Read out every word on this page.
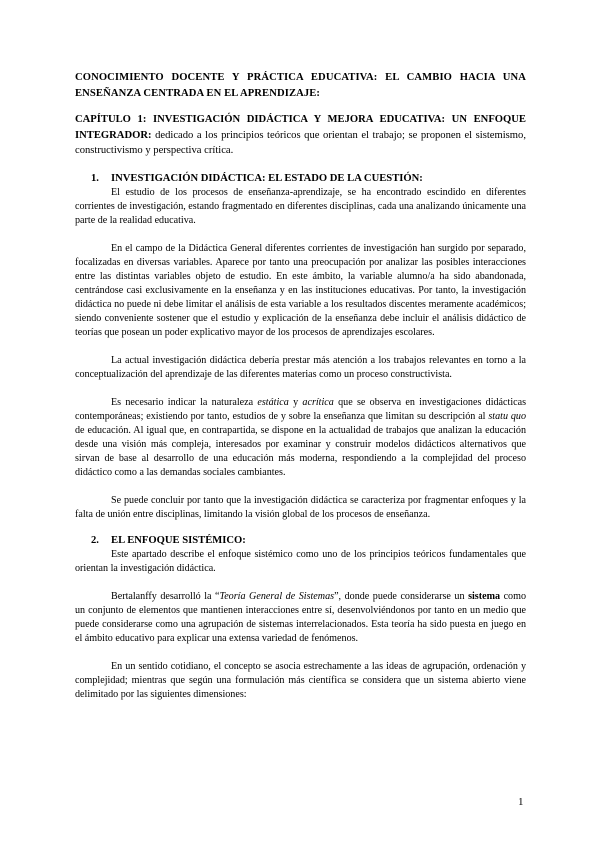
CONOCIMIENTO DOCENTE Y PRÁCTICA EDUCATIVA: EL CAMBIO HACIA UNA ENSEÑANZA CENTRADA EN EL APRENDIZAJE:
CAPÍTULO 1: INVESTIGACIÓN DIDÁCTICA Y MEJORA EDUCATIVA: UN ENFOQUE INTEGRADOR: dedicado a los principios teóricos que orientan el trabajo; se proponen el sistemismo, constructivismo y perspectiva crítica.
1. INVESTIGACIÓN DIDÁCTICA: EL ESTADO DE LA CUESTIÓN:

El estudio de los procesos de enseñanza-aprendizaje, se ha encontrado escindido en diferentes corrientes de investigación, estando fragmentado en diferentes disciplinas, cada una analizando únicamente una parte de la realidad educativa.

En el campo de la Didáctica General diferentes corrientes de investigación han surgido por separado, focalizadas en diversas variables. Aparece por tanto una preocupación por analizar las posibles interacciones entre las distintas variables objeto de estudio. En este ámbito, la variable alumno/a ha sido abandonada, centrándose casi exclusivamente en la enseñanza y en las instituciones educativas. Por tanto, la investigación didáctica no puede ni debe limitar el análisis de esta variable a los resultados discentes meramente académicos; siendo conveniente sostener que el estudio y explicación de la enseñanza debe incluir el análisis didáctico de teorías que posean un poder explicativo mayor de los procesos de aprendizajes escolares.

La actual investigación didáctica debería prestar más atención a los trabajos relevantes en torno a la conceptualización del aprendizaje de las diferentes materias como un proceso constructivista.

Es necesario indicar la naturaleza estática y acrítica que se observa en investigaciones didácticas contemporáneas; existiendo por tanto, estudios de y sobre la enseñanza que limitan su descripción al statu quo de educación. Al igual que, en contrapartida, se dispone en la actualidad de trabajos que analizan la educación desde una visión más compleja, interesados por examinar y construir modelos didácticos alternativos que sirvan de base al desarrollo de una educación más moderna, respondiendo a la complejidad del proceso didáctico como a las demandas sociales cambiantes.

Se puede concluir por tanto que la investigación didáctica se caracteriza por fragmentar enfoques y la falta de unión entre disciplinas, limitando la visión global de los procesos de enseñanza.

2. EL ENFOQUE SISTÉMICO:

Este apartado describe el enfoque sistémico como uno de los principios teóricos fundamentales que orientan la investigación didáctica.

Bertalanffy desarrolló la “Teoría General de Sistemas”, donde puede considerarse un sistema como un conjunto de elementos que mantienen interacciones entre sí, desenvolviéndonos por tanto en un medio que puede considerarse como una agrupación de sistemas interrelacionados. Esta teoría ha sido puesta en juego en el ámbito educativo para explicar una extensa variedad de fenómenos.

En un sentido cotidiano, el concepto se asocia estrechamente a las ideas de agrupación, ordenación y complejidad; mientras que según una formulación más científica se considera que un sistema abierto viene delimitado por las siguientes dimensiones:

1
